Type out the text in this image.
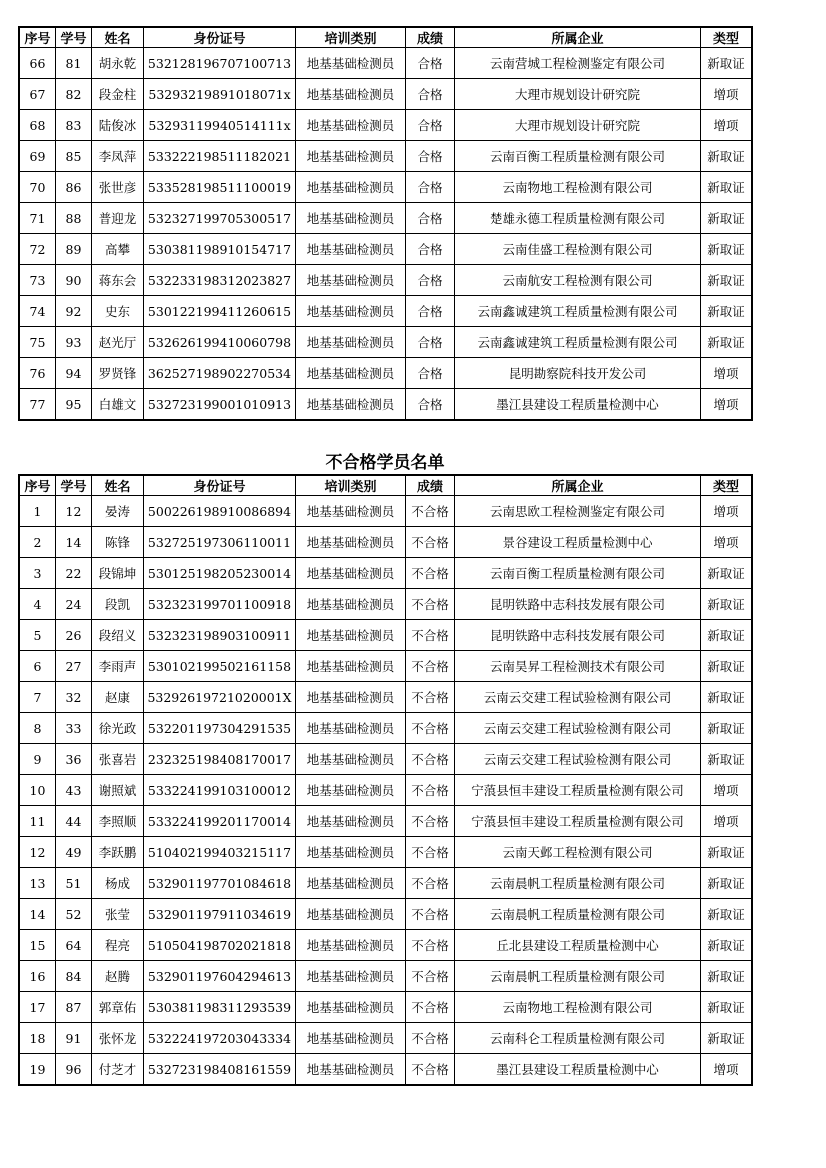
序号	学号	姓名	身份证号	培训类别	成绩	所属企业	类型
66	81	胡永乾	532128196707100713	地基基础检测员	合格	云南营城工程检测鉴定有限公司	新取证
67	82	段金柱	53293219891018071x	地基基础检测员	合格	大理市规划设计研究院	增项
68	83	陆俊冰	53293119940514111x	地基基础检测员	合格	大理市规划设计研究院	增项
69	85	李凤萍	533222198511182021	地基基础检测员	合格	云南百衡工程质量检测有限公司	新取证
70	86	张世彦	533528198511100019	地基基础检测员	合格	云南物地工程检测有限公司	新取证
71	88	普迎龙	532327199705300517	地基基础检测员	合格	楚雄永德工程质量检测有限公司	新取证
72	89	高攀	530381198910154717	地基基础检测员	合格	云南佳盛工程检测有限公司	新取证
73	90	蒋东会	532233198312023827	地基基础检测员	合格	云南航安工程检测有限公司	新取证
74	92	史东	530122199411260615	地基基础检测员	合格	云南鑫诚建筑工程质量检测有限公司	新取证
75	93	赵光厅	532626199410060798	地基基础检测员	合格	云南鑫诚建筑工程质量检测有限公司	新取证
76	94	罗贤锋	362527198902270534	地基基础检测员	合格	昆明勘察院科技开发公司	增项
77	95	白雄文	532723199001010913	地基基础检测员	合格	墨江县建设工程质量检测中心	增项
不合格学员名单
序号	学号	姓名	身份证号	培训类别	成绩	所属企业	类型
1	12	晏涛	500226198910086894	地基基础检测员	不合格	云南思欧工程检测鉴定有限公司	增项
2	14	陈锋	532725197306110011	地基基础检测员	不合格	景谷建设工程质量检测中心	增项
3	22	段锦坤	530125198205230014	地基基础检测员	不合格	云南百衡工程质量检测有限公司	新取证
4	24	段凯	532323199701100918	地基基础检测员	不合格	昆明铁路中志科技发展有限公司	新取证
5	26	段绍义	532323198903100911	地基基础检测员	不合格	昆明铁路中志科技发展有限公司	新取证
6	27	李雨声	530102199502161158	地基基础检测员	不合格	云南昊昇工程检测技术有限公司	新取证
7	32	赵康	53292619721020001X	地基基础检测员	不合格	云南云交建工程试验检测有限公司	新取证
8	33	徐光政	532201197304291535	地基基础检测员	不合格	云南云交建工程试验检测有限公司	新取证
9	36	张喜岩	232325198408170017	地基基础检测员	不合格	云南云交建工程试验检测有限公司	新取证
10	43	谢照斌	533224199103100012	地基基础检测员	不合格	宁蒗县恒丰建设工程质量检测有限公司	增项
11	44	李照顺	533224199201170014	地基基础检测员	不合格	宁蒗县恒丰建设工程质量检测有限公司	增项
12	49	李跃鹏	510402199403215117	地基基础检测员	不合格	云南天邺工程检测有限公司	新取证
13	51	杨成	532901197701084618	地基基础检测员	不合格	云南晨帆工程质量检测有限公司	新取证
14	52	张莹	532901197911034619	地基基础检测员	不合格	云南晨帆工程质量检测有限公司	新取证
15	64	程亮	510504198702021818	地基基础检测员	不合格	丘北县建设工程质量检测中心	新取证
16	84	赵腾	532901197604294613	地基基础检测员	不合格	云南晨帆工程质量检测有限公司	新取证
17	87	郭章佑	530381198311293539	地基基础检测员	不合格	云南物地工程检测有限公司	新取证
18	91	张怀龙	532224197203043334	地基基础检测员	不合格	云南科仑工程质量检测有限公司	新取证
19	96	付芝才	532723198408161559	地基基础检测员	不合格	墨江县建设工程质量检测中心	增项
